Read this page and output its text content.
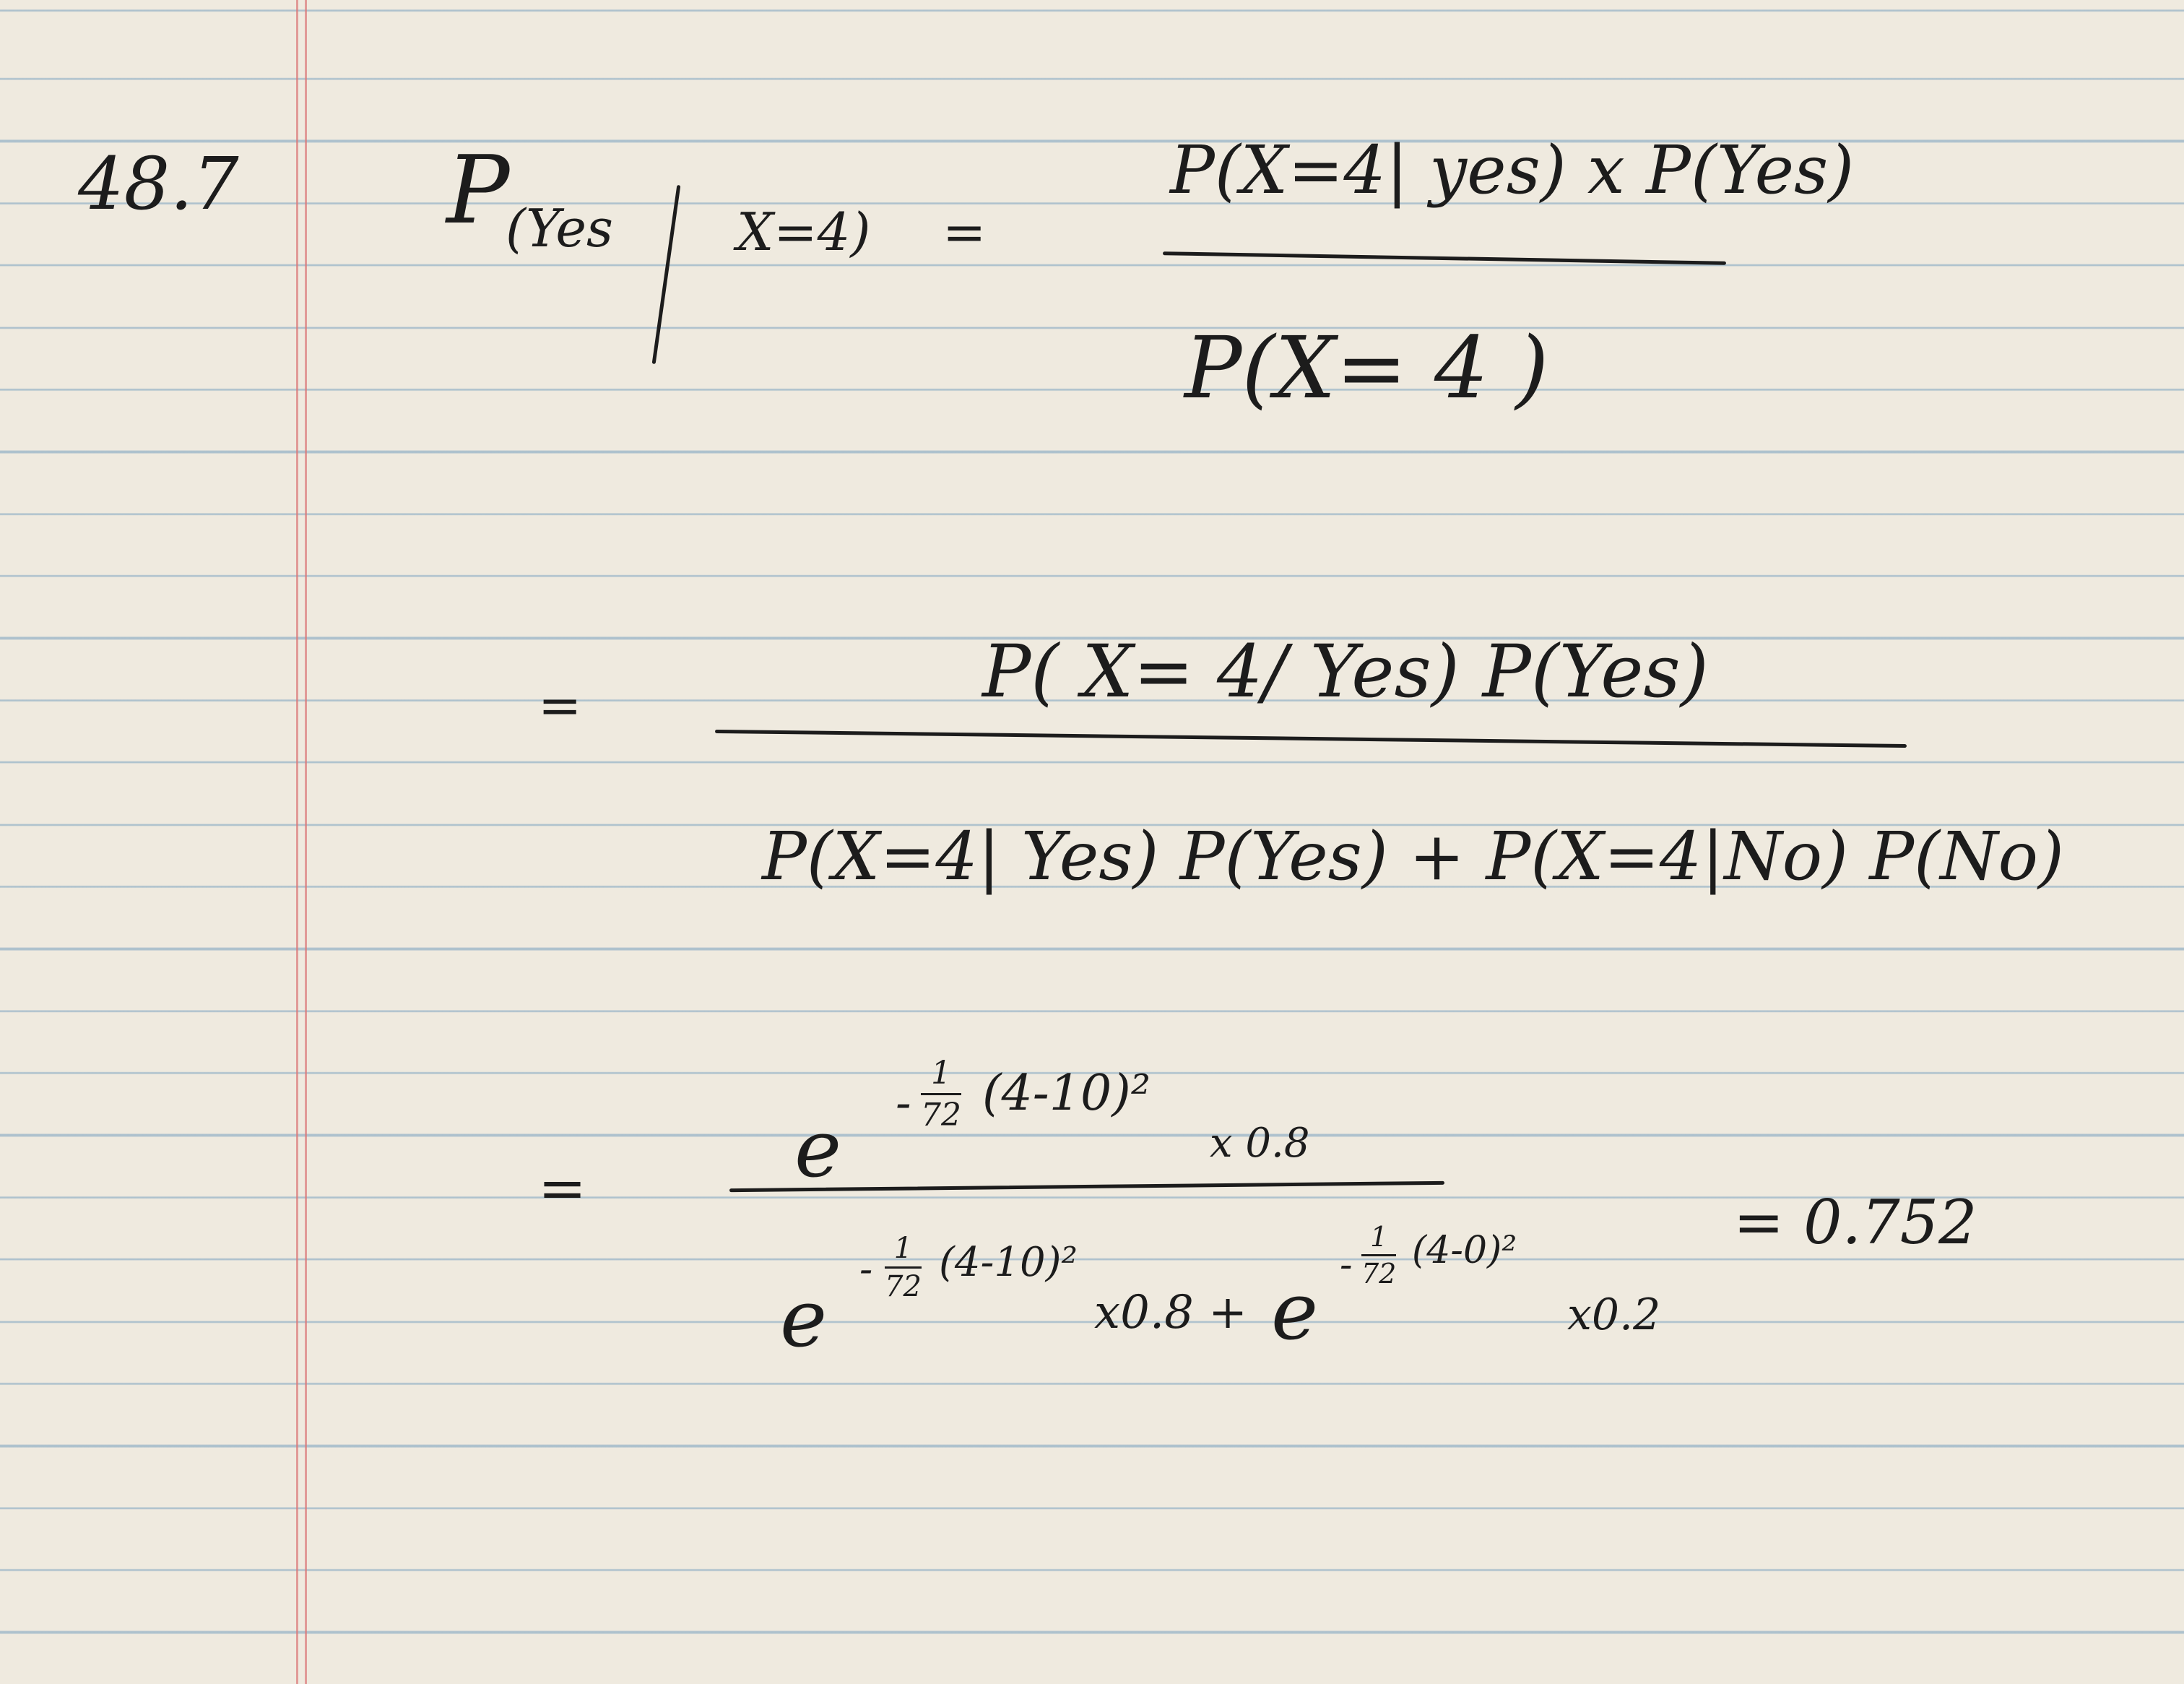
48.7 P
(Yes X=4) =
P(X=4| yes) x P(Yes)
P(X= 4 )
=	P( X= 4/ Yes) P(Yes)
P(X=4| Yes) P(Yes) + P(X=4|No) P(No)
=	e -
1
72 (4-10)²
x 0.8
e
- 1
72
(4-10)²
x0.8 + e -
1
72
(4-0)²
x0.2
= 0.752
